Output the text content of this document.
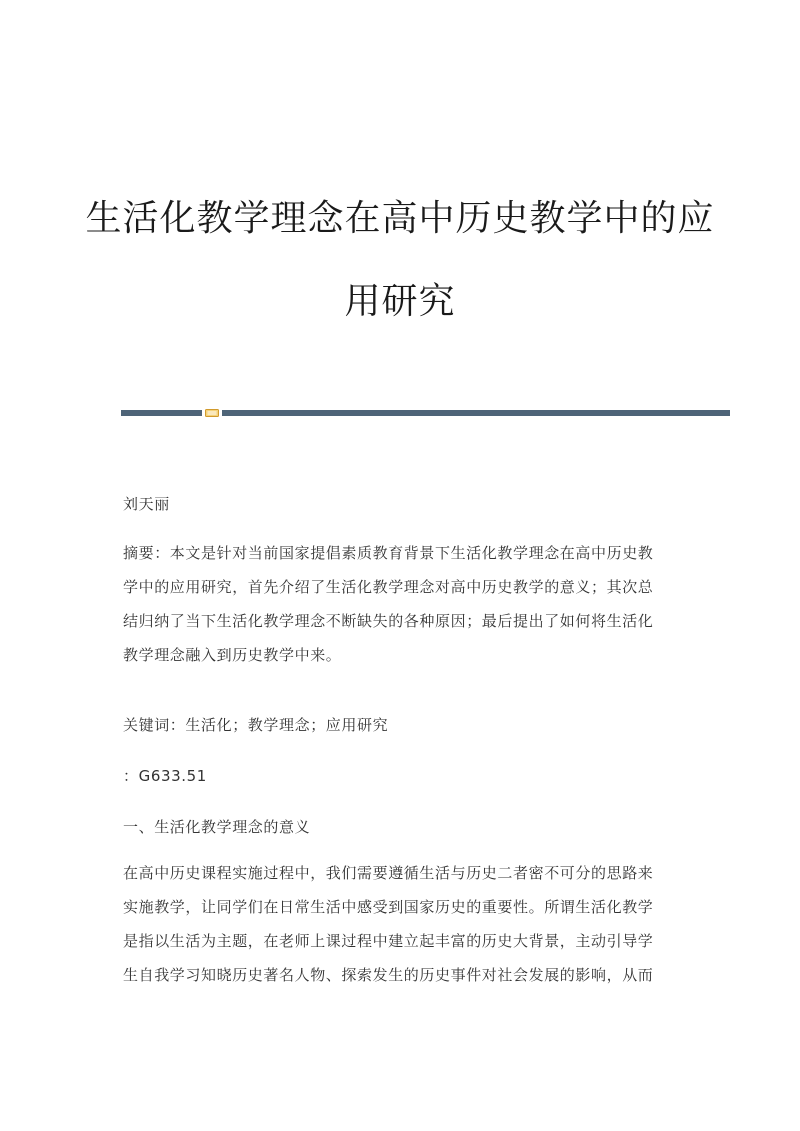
生活化教学理念在高中历史教学中的应
用研究

刘天丽

摘要：本文是针对当前国家提倡素质教育背景下生活化教学理念在高中历史教
学中的应用研究，首先介绍了生活化教学理念对高中历史教学的意义；其次总
结归纳了当下生活化教学理念不断缺失的各种原因；最后提出了如何将生活化
教学理念融入到历史教学中来。

关键词：生活化；教学理念；应用研究

：G633.51

一、生活化教学理念的意义

在高中历史课程实施过程中，我们需要遵循生活与历史二者密不可分的思路来
实施教学，让同学们在日常生活中感受到国家历史的重要性。所谓生活化教学
是指以生活为主题，在老师上课过程中建立起丰富的历史大背景，主动引导学
生自我学习知晓历史著名人物、探索发生的历史事件对社会发展的影响，从而
